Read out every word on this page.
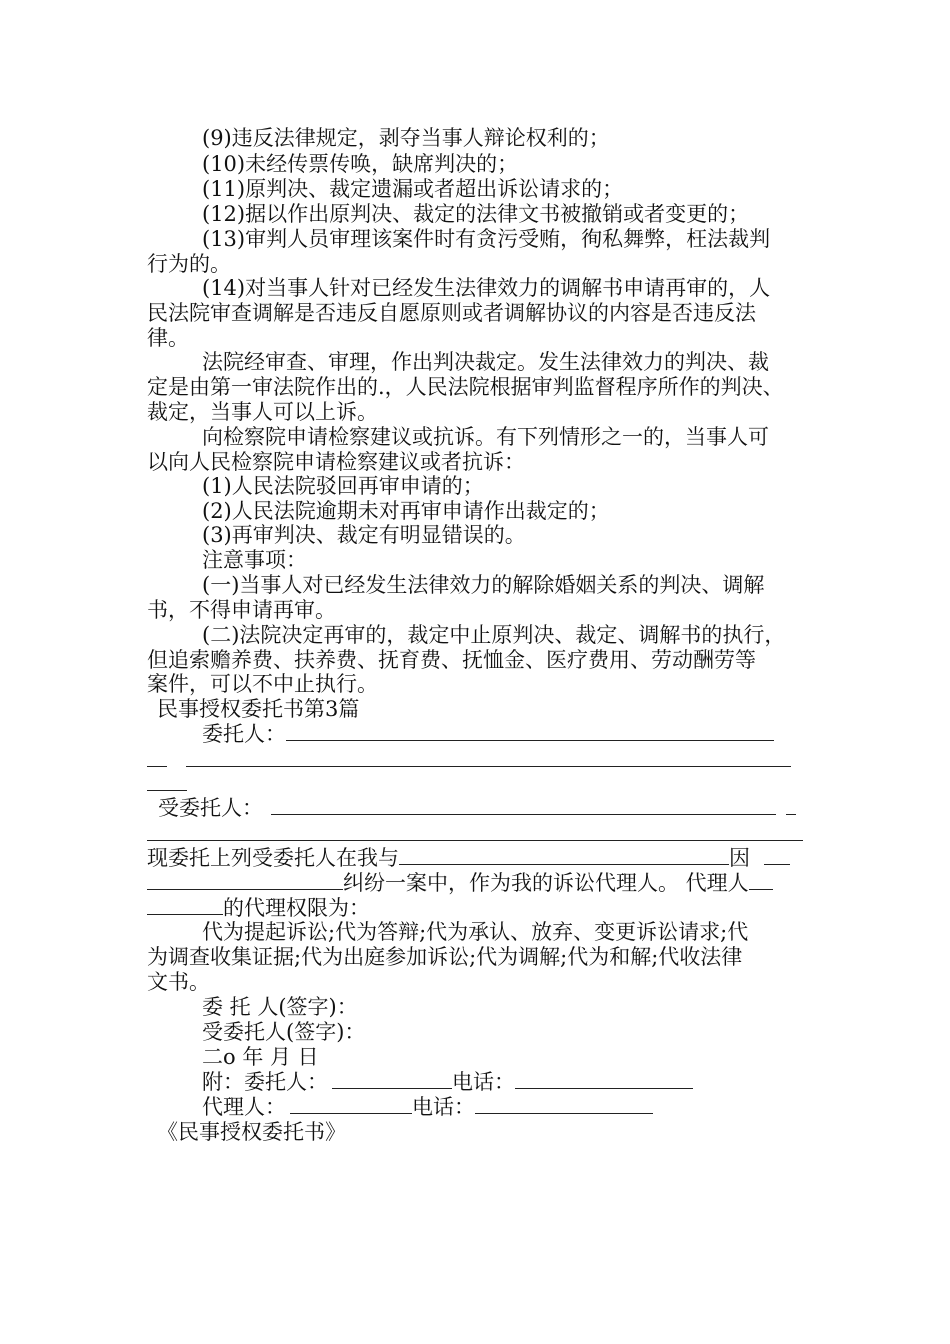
(9)违反法律规定，剥夺当事人辩论权利的；
(10)未经传票传唤，缺席判决的；
(11)原判决、裁定遗漏或者超出诉讼请求的；
(12)据以作出原判决、裁定的法律文书被撤销或者变更的；
(13)审判人员审理该案件时有贪污受贿，徇私舞弊，枉法裁判
行为的。
(14)对当事人针对已经发生法律效力的调解书申请再审的，人
民法院审查调解是否违反自愿原则或者调解协议的内容是否违反法
律。
法院经审查、审理，作出判决裁定。发生法律效力的判决、裁
定是由第一审法院作出的.，人民法院根据审判监督程序所作的判决、
裁定，当事人可以上诉。
向检察院申请检察建议或抗诉。有下列情形之一的，当事人可
以向人民检察院申请检察建议或者抗诉：
(1)人民法院驳回再审申请的；
(2)人民法院逾期未对再审申请作出裁定的；
(3)再审判决、裁定有明显错误的。
注意事项：
(一)当事人对已经发生法律效力的解除婚姻关系的判决、调解
书，不得申请再审。
(二)法院决定再审的，裁定中止原判决、裁定、调解书的执行，
但追索赡养费、扶养费、抚育费、抚恤金、医疗费用、劳动酬劳等
案件，可以不中止执行。
民事授权委托书第3篇
委托人：

受委托人：
现委托上列受委托人在我与	因
纠纷一案中，作为我的诉讼代理人。 代理人
的代理权限为：
代为提起诉讼;代为答辩;代为承认、放弃、变更诉讼请求;代
为调查收集证据;代为出庭参加诉讼;代为调解;代为和解;代收法律
文书。
委 托 人(签字)：
受委托人(签字)：
二o 年 月 日
附：委托人：	电话：
代理人：	电话：
《民事授权委托书》
